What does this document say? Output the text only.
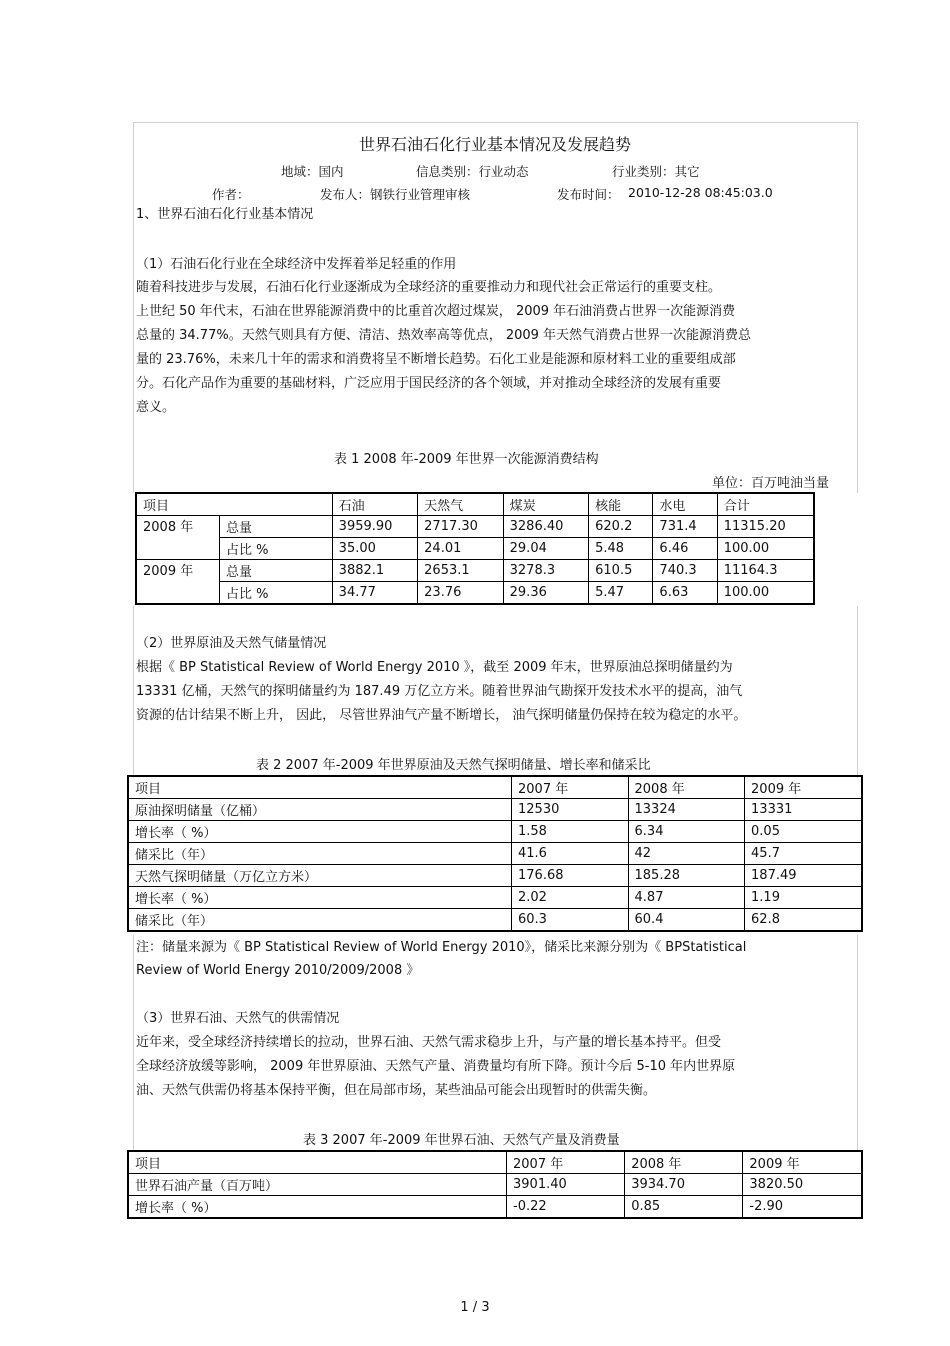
世界石油石化行业基本情况及发展趋势
地域：国内	信息类别：行业动态	行业类别：其它
作者：	发布人：钢铁行业管理审核	发布时间： 2010-12-28 08:45:03.0
1、世界石油石化行业基本情况
（1）石油石化行业在全球经济中发挥着举足轻重的作用
随着科技进步与发展，石油石化行业逐渐成为全球经济的重要推动力和现代社会正常运行的重要支柱。
上世纪 50 年代末，石油在世界能源消费中的比重首次超过煤炭， 2009 年石油消费占世界一次能源消费
总量的 34.77%。天然气则具有方便、清洁、热效率高等优点， 2009 年天然气消费占世界一次能源消费总
量的 23.76%，未来几十年的需求和消费将呈不断增长趋势。石化工业是能源和原材料工业的重要组成部
分。石化产品作为重要的基础材料，广泛应用于国民经济的各个领域，并对推动全球经济的发展有重要
意义。
表 1 2008 年-2009 年世界一次能源消费结构
单位：百万吨油当量
项目		石油	天然气	煤炭	核能	水电	合计
2008 年	总量	3959.90	2717.30	3286.40	620.2	731.4	11315.20
	占比 %	35.00	24.01	29.04	5.48	6.46	100.00
2009 年	总量	3882.1	2653.1	3278.3	610.5	740.3	11164.3
	占比 %	34.77	23.76	29.36	5.47	6.63	100.00
（2）世界原油及天然气储量情况
根据《 BP Statistical Review of World Energy 2010 》，截至 2009 年末，世界原油总探明储量约为
13331 亿桶，天然气的探明储量约为 187.49 万亿立方米。随着世界油气勘探开发技术水平的提高，油气
资源的估计结果不断上升， 因此， 尽管世界油气产量不断增长， 油气探明储量仍保持在较为稳定的水平。
表 2 2007 年-2009 年世界原油及天然气探明储量、增长率和储采比
项目	2007 年	2008 年	2009 年
原油探明储量（亿桶）	12530	13324	13331
增长率（ %）	1.58	6.34	0.05
储采比（年）	41.6	42	45.7
天然气探明储量（万亿立方米）	176.68	185.28	187.49
增长率（ %）	2.02	4.87	1.19
储采比（年）	60.3	60.4	62.8
注：储量来源为《 BP Statistical Review of World Energy 2010》，储采比来源分别为《 BPStatistical
Review of World Energy 2010/2009/2008 》
（3）世界石油、天然气的供需情况
近年来，受全球经济持续增长的拉动，世界石油、天然气需求稳步上升，与产量的增长基本持平。但受
全球经济放缓等影响， 2009 年世界原油、天然气产量、消费量均有所下降。预计今后 5-10 年内世界原
油、天然气供需仍将基本保持平衡，但在局部市场，某些油品可能会出现暂时的供需失衡。
表 3 2007 年-2009 年世界石油、天然气产量及消费量
项目	2007 年	2008 年	2009 年
世界石油产量（百万吨）	3901.40	3934.70	3820.50
增长率（ %）	-0.22	0.85	-2.90
1 / 3
